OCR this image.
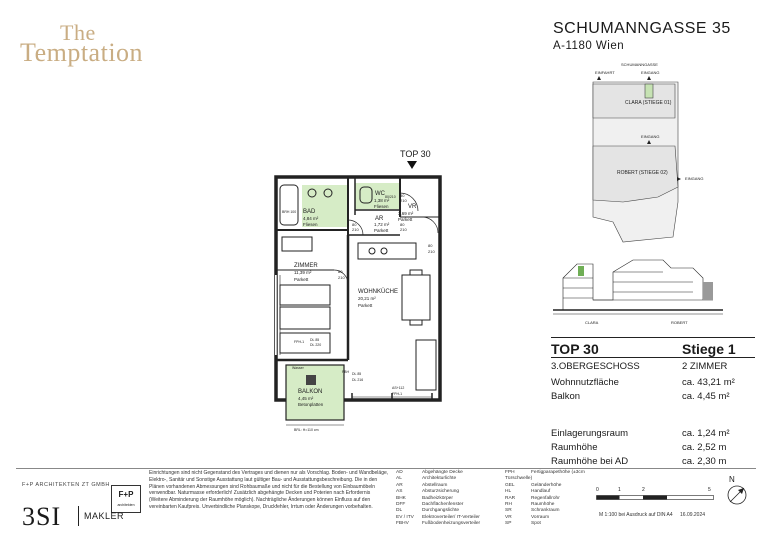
The
Temptation
SCHUMANNGASSE 35
A-1180 Wien
TOP 30
BAD
4,84 m²
Fliesen
WC
1,38 m²
Fliesen	VR
3,69 m²
Parkett
AR
1,72 m²
Parkett
ZIMMER
11,39 m²
Parkett
WOHNKÜCHE
20,21 m²
Parkett
BALKON
4,45 m²
Betonplatten
BRH 100
80
210
80
210
80
210
80
210
80
210
80/210
DL 85
DL 220
DL 85
DL 216
FPH-1
FPH-1
AS+112
Wasser
BRL: H=110 cm
FBH
SCHUMANNGASSE
EINFAHRT	EINGANG
EINGANG
EINGANG
CLARA (STIEGE 01)
ROBERT (STIEGE 02)
CLARA	ROBERT
TOP 30	Stiege 1
3.OBERGESCHOSS	2 ZIMMER
Wohnnutzfläche	ca. 43,21 m²
Balkon	ca. 4,45 m²
Einlagerungsraum	ca. 1,24 m²
Raumhöhe	ca. 2,52 m
Raumhöhe bei AD	ca. 2,30 m
Einrichtungen sind nicht Gegenstand des Vertrages und dienen nur als Vorschlag. Boden- und Wandbeläge, Elektro-, Sanitär und Sonstige Ausstattung laut gültiger Bau- und Ausstattungsbeschreibung. Die in den Plänen vorhandenen Abmessungen sind Rohbaumaße und nicht für die Bestellung von Einbaumöbeln verwendbar. Naturmasse erforderlich! Zusätzlich abgehängte Decken und Poterien nach Erfordernis (Weitere Abminderung der Raumhöhe möglich). Nachträgliche Änderungen können Einfluss auf den vereinbarten Kaufpreis. Unverbindliche Planskope, Druckfehler, Irrtum oder Änderungen vorbehalten.
AD	Abgehängte Decke
AL	Architekturlichte
AR	Abstellraum
AS	Absturzsicherung
BHK	Badheizkörper
DFF	Dachflächenfenster
DL	Durchgangslichte
EV / ITV Elektroverteiler/ IT-Verteiler
FBHV	Fußbodenheizungsverteiler
FPH	Fertigparapethöhe (±3cm Türschwelle)
GEL	Geländerhöhe
HL	Handlauf
RAR	Regenfallrohr
RH	Raumhöhe
SR	Schrankraum
VR	Vorraum
SP	Spot
F+P ARCHITEKTEN ZT GMBH
F+P
architekten
3SI	MAKLER
0	1	2	5
M 1:100 bei Ausdruck auf DIN A4 16.09.2024
N
